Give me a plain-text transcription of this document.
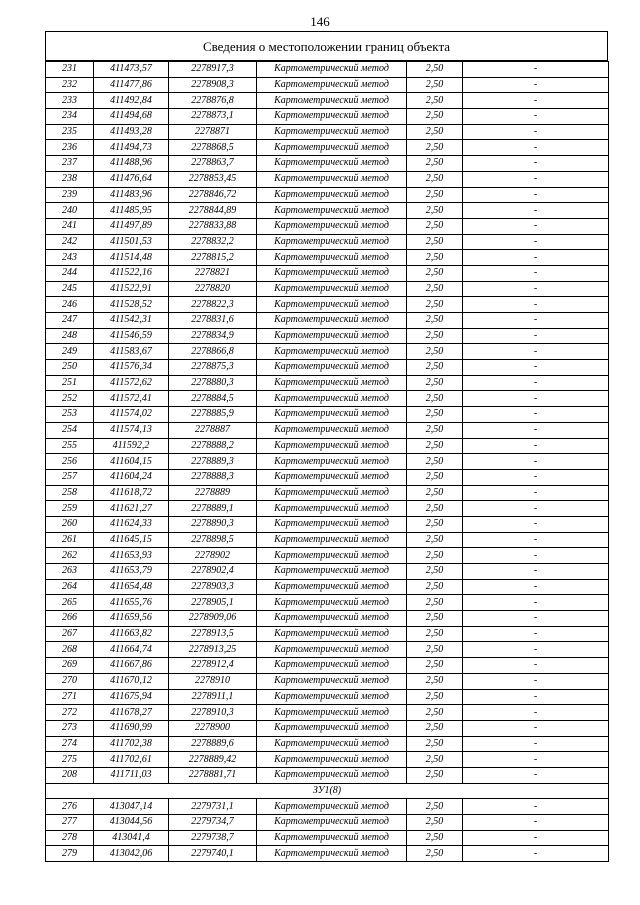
146
Сведения о местоположении границ объекта
231	411473,57	2278917,3	Картометрический метод	2,50	-
232	411477,86	2278908,3	Картометрический метод	2,50	-
233	411492,84	2278876,8	Картометрический метод	2,50	-
234	411494,68	2278873,1	Картометрический метод	2,50	-
235	411493,28	2278871	Картометрический метод	2,50	-
236	411494,73	2278868,5	Картометрический метод	2,50	-
237	411488,96	2278863,7	Картометрический метод	2,50	-
238	411476,64	2278853,45	Картометрический метод	2,50	-
239	411483,96	2278846,72	Картометрический метод	2,50	-
240	411485,95	2278844,89	Картометрический метод	2,50	-
241	411497,89	2278833,88	Картометрический метод	2,50	-
242	411501,53	2278832,2	Картометрический метод	2,50	-
243	411514,48	2278815,2	Картометрический метод	2,50	-
244	411522,16	2278821	Картометрический метод	2,50	-
245	411522,91	2278820	Картометрический метод	2,50	-
246	411528,52	2278822,3	Картометрический метод	2,50	-
247	411542,31	2278831,6	Картометрический метод	2,50	-
248	411546,59	2278834,9	Картометрический метод	2,50	-
249	411583,67	2278866,8	Картометрический метод	2,50	-
250	411576,34	2278875,3	Картометрический метод	2,50	-
251	411572,62	2278880,3	Картометрический метод	2,50	-
252	411572,41	2278884,5	Картометрический метод	2,50	-
253	411574,02	2278885,9	Картометрический метод	2,50	-
254	411574,13	2278887	Картометрический метод	2,50	-
255	411592,2	2278888,2	Картометрический метод	2,50	-
256	411604,15	2278889,3	Картометрический метод	2,50	-
257	411604,24	2278888,3	Картометрический метод	2,50	-
258	411618,72	2278889	Картометрический метод	2,50	-
259	411621,27	2278889,1	Картометрический метод	2,50	-
260	411624,33	2278890,3	Картометрический метод	2,50	-
261	411645,15	2278898,5	Картометрический метод	2,50	-
262	411653,93	2278902	Картометрический метод	2,50	-
263	411653,79	2278902,4	Картометрический метод	2,50	-
264	411654,48	2278903,3	Картометрический метод	2,50	-
265	411655,76	2278905,1	Картометрический метод	2,50	-
266	411659,56	2278909,06	Картометрический метод	2,50	-
267	411663,82	2278913,5	Картометрический метод	2,50	-
268	411664,74	2278913,25	Картометрический метод	2,50	-
269	411667,86	2278912,4	Картометрический метод	2,50	-
270	411670,12	2278910	Картометрический метод	2,50	-
271	411675,94	2278911,1	Картометрический метод	2,50	-
272	411678,27	2278910,3	Картометрический метод	2,50	-
273	411690,99	2278900	Картометрический метод	2,50	-
274	411702,38	2278889,6	Картометрический метод	2,50	-
275	411702,61	2278889,42	Картометрический метод	2,50	-
208	411711,03	2278881,71	Картометрический метод	2,50	-
ЗУ1(8)					
276	413047,14	2279731,1	Картометрический метод	2,50	-
277	413044,56	2279734,7	Картометрический метод	2,50	-
278	413041,4	2279738,7	Картометрический метод	2,50	-
279	413042,06	2279740,1	Картометрический метод	2,50	-
